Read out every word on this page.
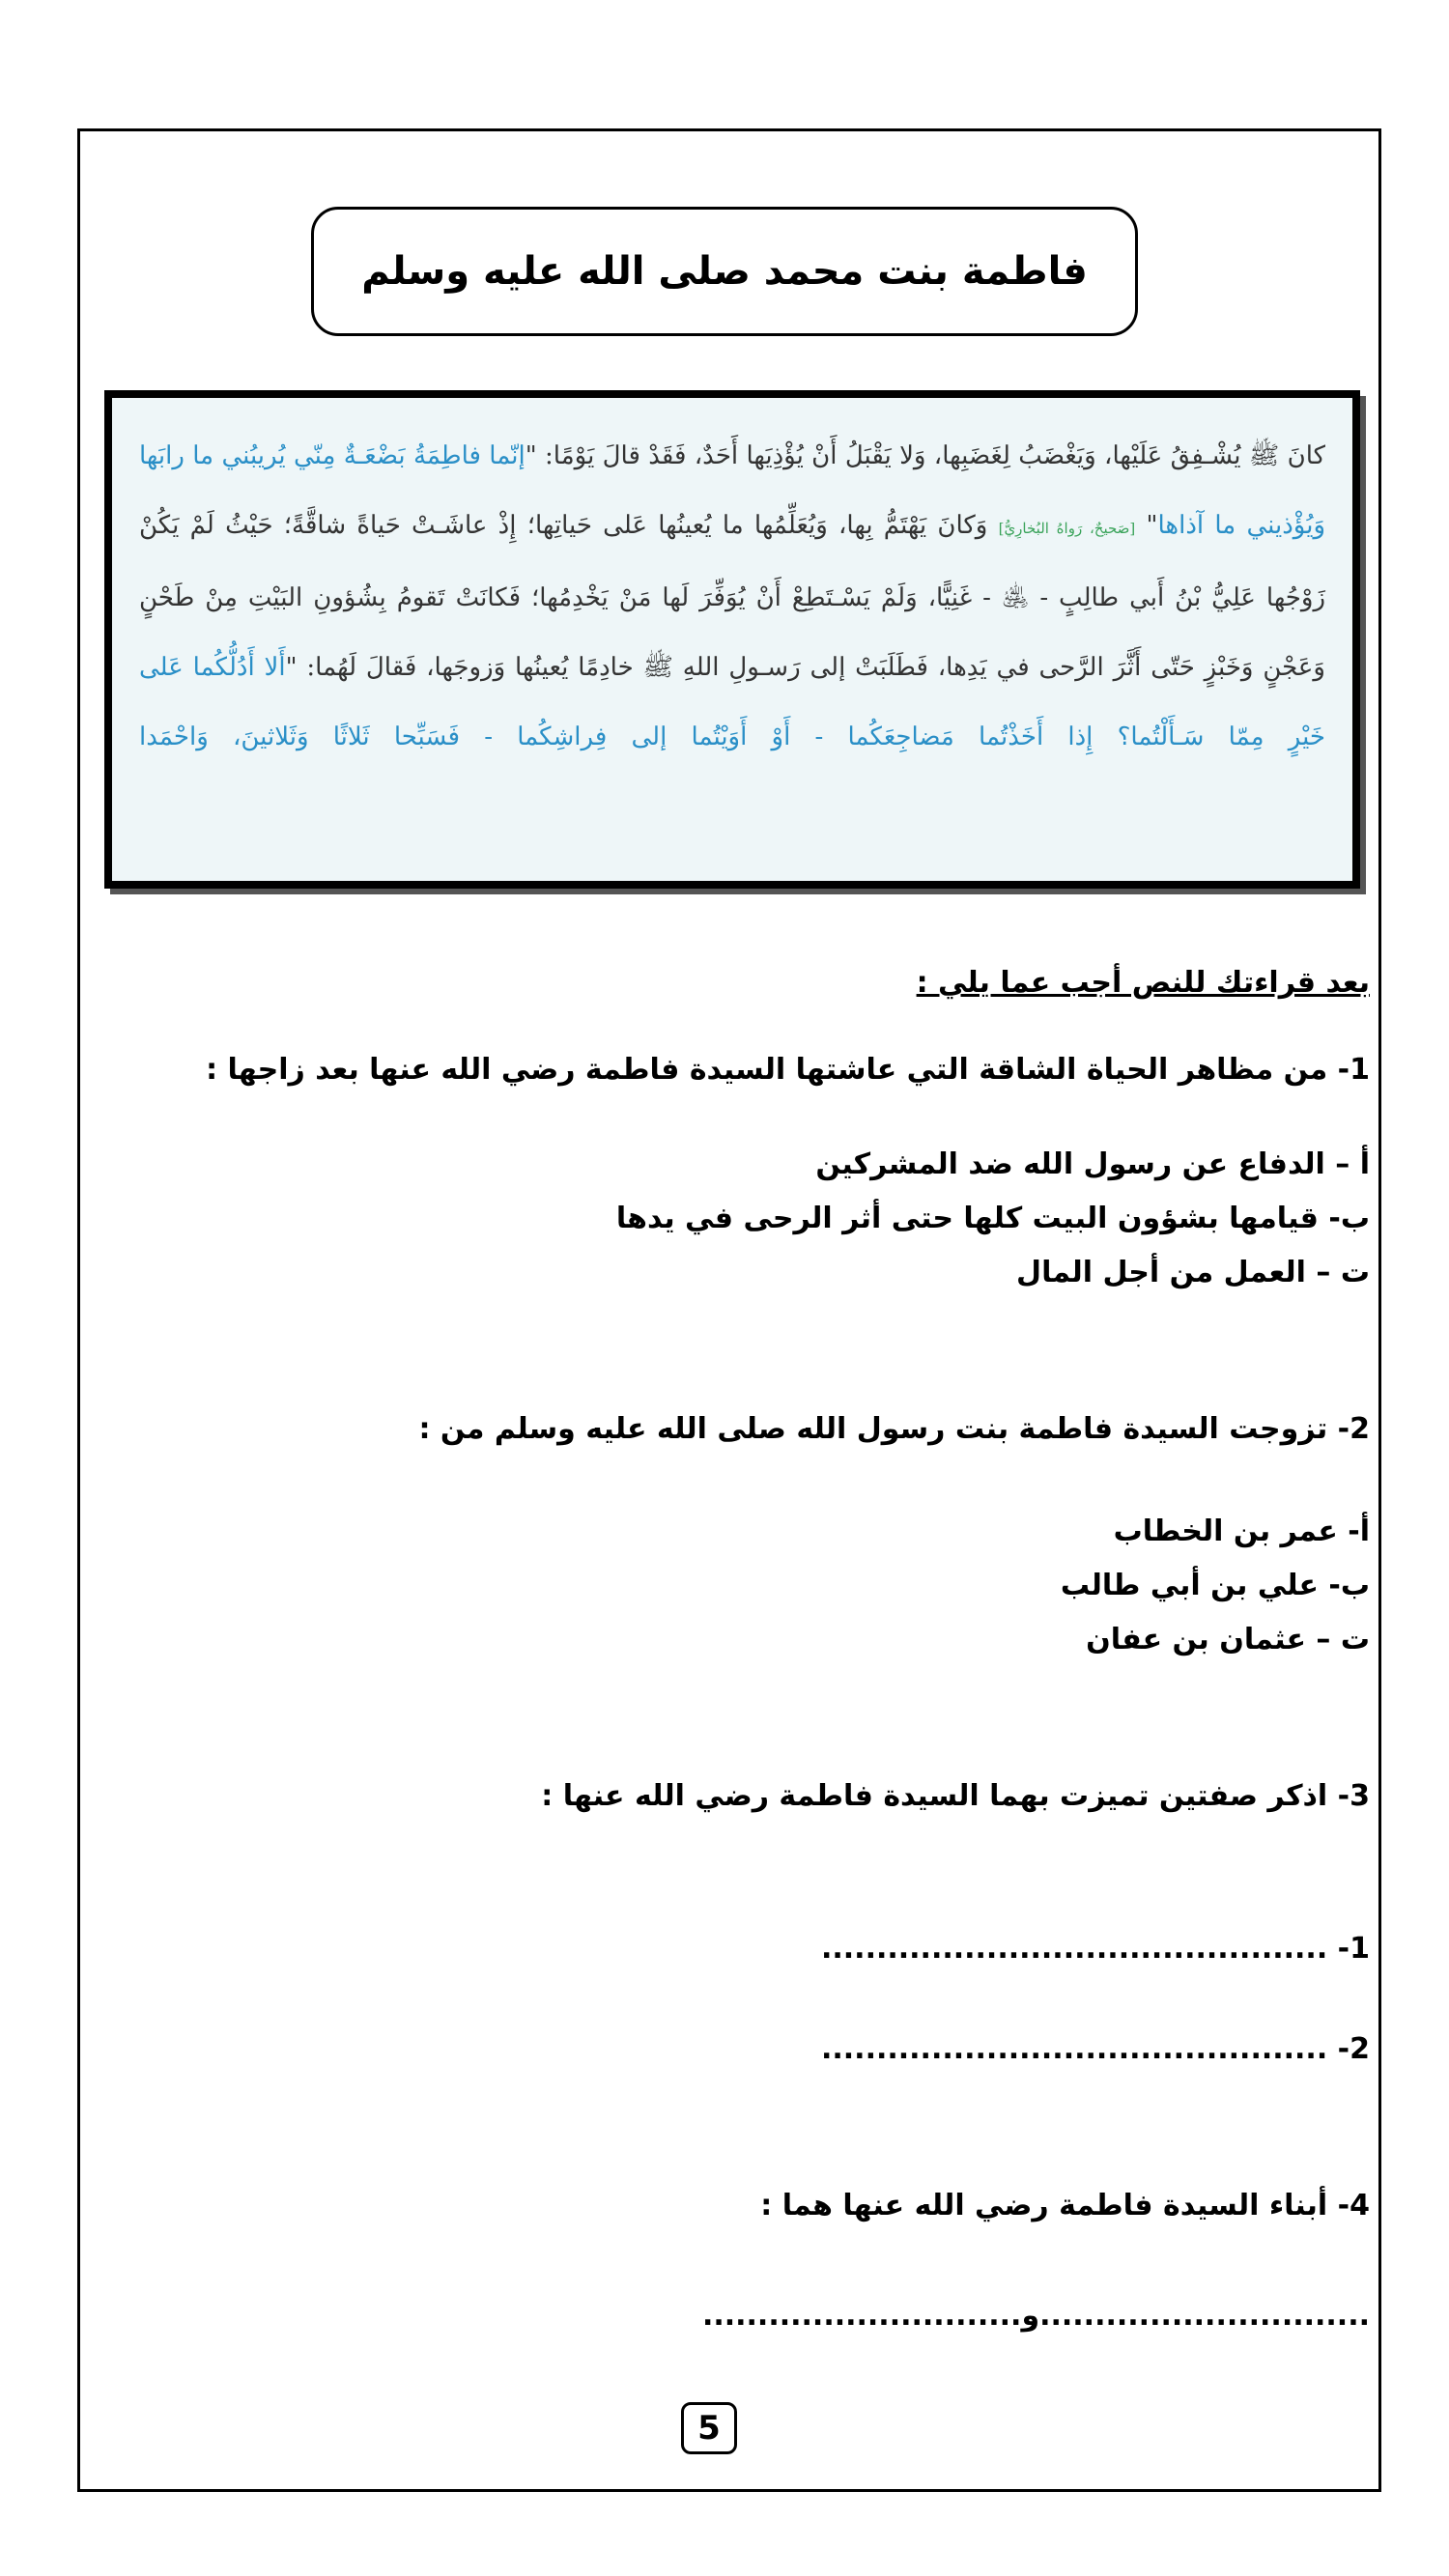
فاطمة بنت محمد صلى الله عليه وسلم

كانَ ﷺ يُشْـفِقُ عَلَيْها، وَيَغْضَبُ لِغَضَبِها، وَلا يَقْبَلُ أَنْ يُؤْذِيَها أَحَدٌ، فَقَدْ قالَ يَوْمًا: "إنّما فاطِمَةُ بَضْعَـةٌ مِنّي يُريبُني ما رابَها وَيُؤْذيني ما آذاها" [صَحيحٌ، رَواهُ البُخارِيُّ] وَكانَ يَهْتَمُّ بِها، وَيُعَلِّمُها ما يُعينُها عَلى حَياتِها؛ إِذْ عاشَـتْ حَياةً شاقَّةً؛ حَيْثُ لَمْ يَكُنْ زَوْجُها عَلِيُّ بْنُ أَبي طالِبٍ - ﵁ - غَنِيًّا، وَلَمْ يَسْـتَطِعْ أَنْ يُوَفِّرَ لَها مَنْ يَخْدِمُها؛ فَكانَتْ تَقومُ بِشُؤونِ البَيْتِ مِنْ طَحْنٍ وَعَجْنٍ وَخَبْزٍ حَتّى أَثَّرَ الرَّحى في يَدِها، فَطَلَبَتْ إلى رَسـولِ اللهِ ﷺ خادِمًا يُعينُها وَزوجَها، فَقالَ لَهُما: "أَلا أَدُلُّكُما عَلى خَيْرٍ مِمّا سَـأَلْتُما؟ إِذا أَخَذْتُما مَضاجِعَكُما - أَوْ أَوَيْتُما إلى فِراشِكُما - فَسَبِّحا ثَلاثًا وَثَلاثينَ، وَاحْمَدا

بعد قراءتك للنص أجب عما يلي :
1- من مظاهر الحياة الشاقة التي عاشتها السيدة فاطمة رضي الله عنها بعد زاجها :
أ – الدفاع عن رسول الله ضد المشركين
ب- قيامها بشؤون البيت كلها حتى أثر الرحى في يدها
ت – العمل من أجل المال
2- تزوجت السيدة فاطمة بنت رسول الله صلى الله عليه وسلم من :
أ- عمر بن الخطاب
ب- علي بن أبي طالب
ت – عثمان بن عفان
3- اذكر صفتين تميزت بهما السيدة فاطمة رضي الله عنها :
1- ..............................................
2- ..............................................
4- أبناء السيدة فاطمة رضي الله عنها هما :
..............................و.............................
5
